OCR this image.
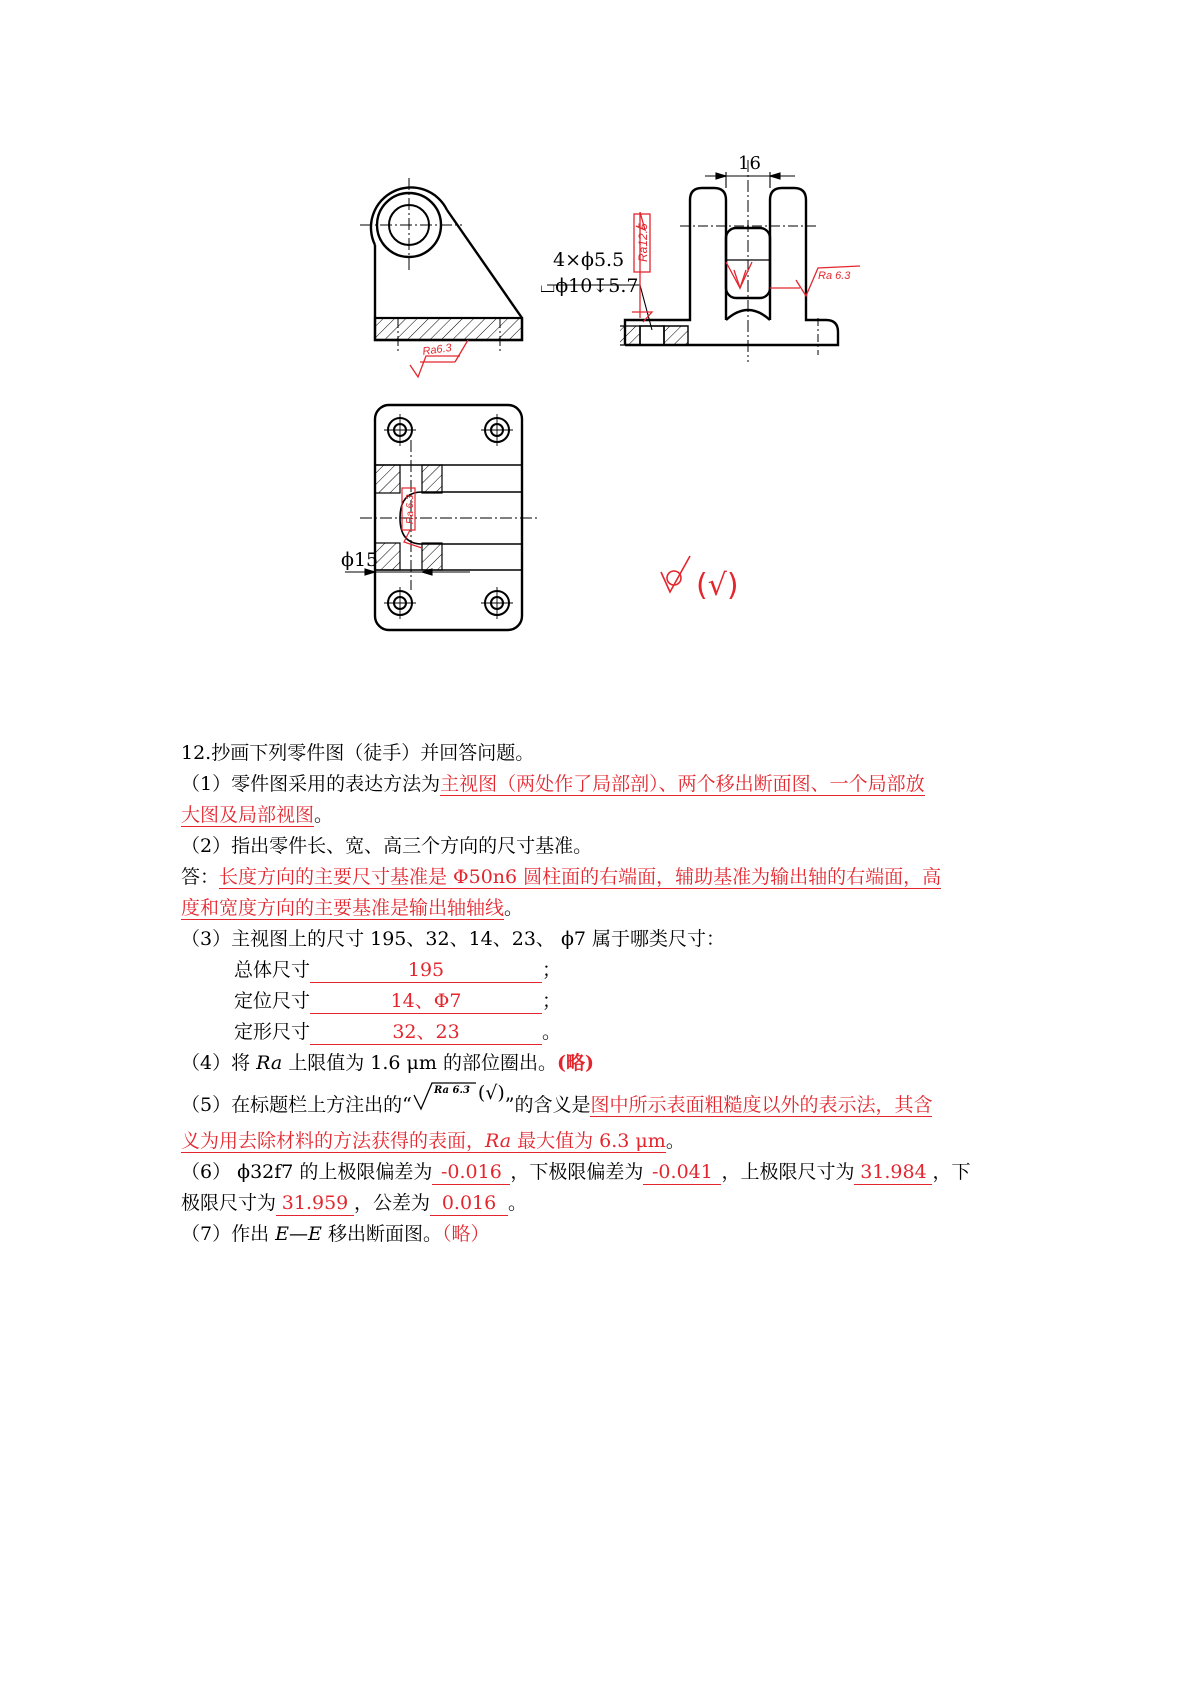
Ra6.3
16
4×ϕ5.5
⌴ϕ10↧5.7
Ra12.5
Ra 6.3
Ra 6.3
ϕ15
(√)
12.抄画下列零件图（徒手）并回答问题。
（1）零件图采用的表达方法为主视图（两处作了局部剖）、两个移出断面图、一个局部放
大图及局部视图。
（2）指出零件长、宽、高三个方向的尺寸基准。
答：长度方向的主要尺寸基准是 Φ50n6 圆柱面的右端面，辅助基准为输出轴的右端面，高
度和宽度方向的主要基准是输出轴轴线。
（3）主视图上的尺寸 195、32、14、23、 ϕ7 属于哪类尺寸：
总体尺寸	195	；
定位尺寸	14、Φ7	；
定形尺寸	32、23	。
（4）将 Ra 上限值为 1.6 μm 的部位圈出。(略)
（5）在标题栏上方注出的“
Ra 6.3 (√)”的含义是图中所示表面粗糙度以外的表示法，其含
义为用去除材料的方法获得的表面，Ra 最大值为 6.3 μm。
（6） ϕ32f7 的上极限偏差为 -0.016 ，下极限偏差为 -0.041 ，上极限尺寸为 31.984 ，下
极限尺寸为 31.959 ，公差为 0.016 。
（7）作出 E—E 移出断面图。（略）
